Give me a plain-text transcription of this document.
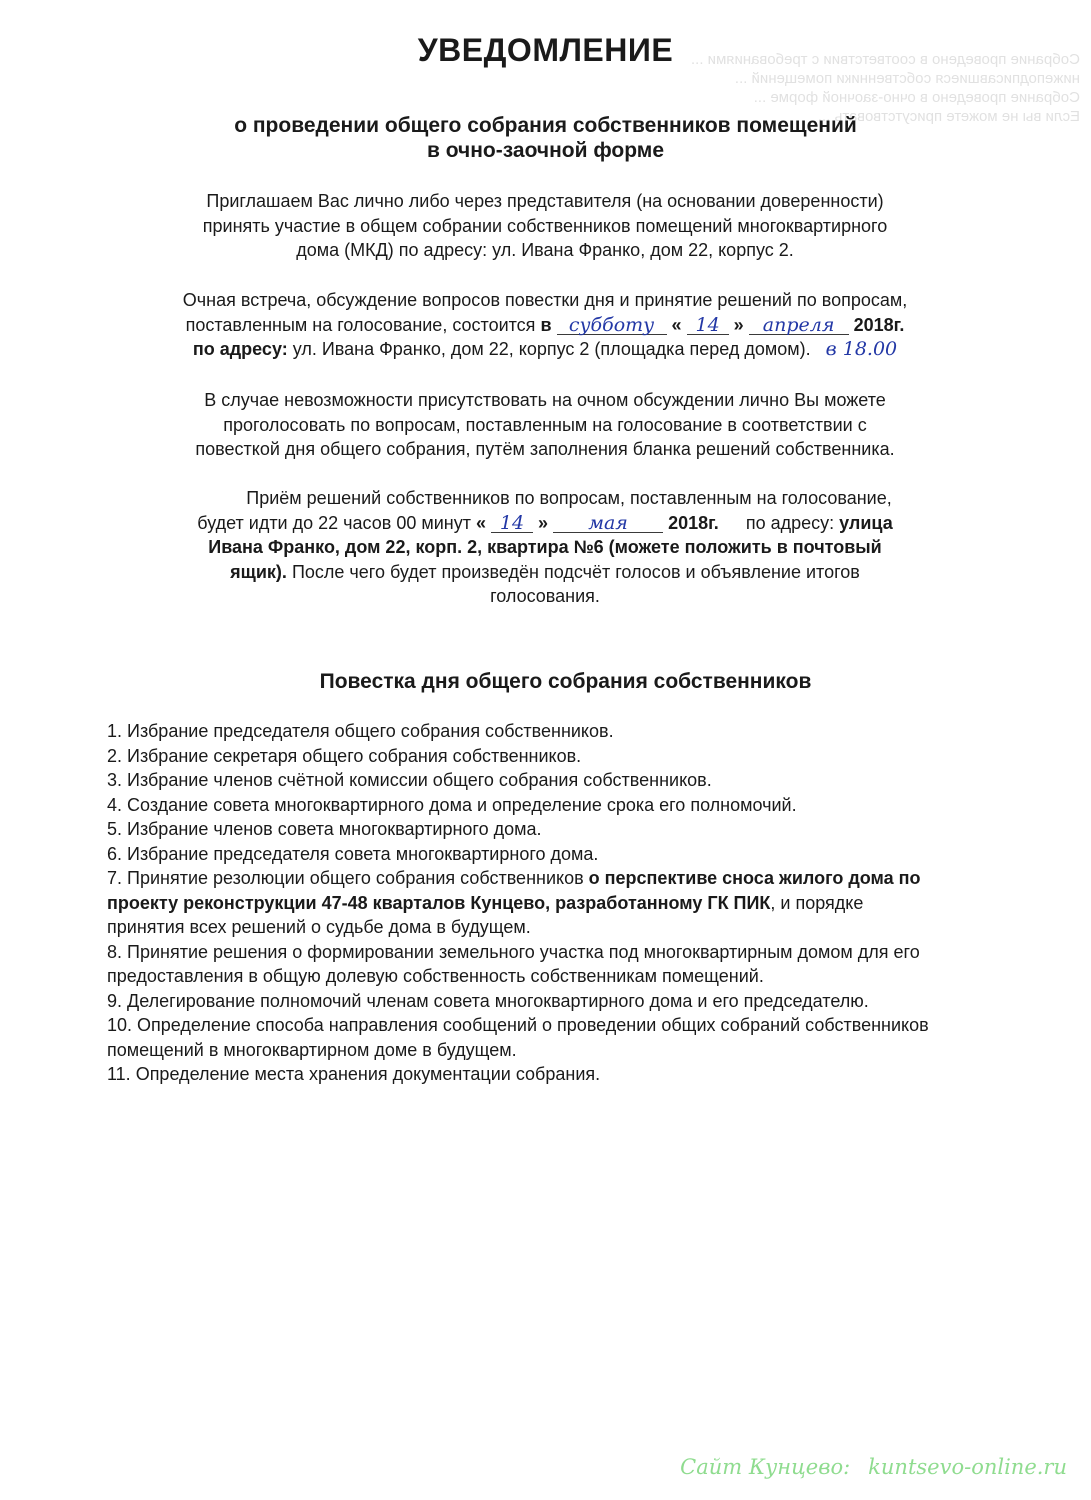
Собрание проведено в соответствии с требованиями ...
нижеподписавшиеся собственники помещений ...
Собрание проведено в очно-заочной форме ...
Если вы не можете присутствовать ...
УВЕДОМЛЕНИЕ
о проведении общего собрания собственников помещений
в очно-заочной форме
Приглашаем Вас лично либо через представителя (на основании доверенности)
принять участие в общем собрании собственников помещений многоквартирного
дома (МКД) по адресу: ул. Ивана Франко, дом 22, корпус 2.
Очная встреча, обсуждение вопросов повестки дня и принятие решений по вопросам,
поставленным на голосование, состоится в субботу « 14 » апреля 2018г.
по адресу: ул. Ивана Франко, дом 22, корпус 2 (площадка перед домом). в 18.00
В случае невозможности присутствовать на очном обсуждении лично Вы можете
проголосовать по вопросам, поставленным на голосование в соответствии с
повесткой дня общего собрания, путём заполнения бланка решений собственника.
Приём решений собственников по вопросам, поставленным на голосование,
будет идти до 22 часов 00 минут « 14 » мая 2018г. по адресу: улица
Ивана Франко, дом 22, корп. 2, квартира №6 (можете положить в почтовый
ящик). После чего будет произведён подсчёт голосов и объявление итогов
голосования.
Повестка дня общего собрания собственников
1. Избрание председателя общего собрания собственников.
2. Избрание секретаря общего собрания собственников.
3. Избрание членов счётной комиссии общего собрания собственников.
4. Создание совета многоквартирного дома и определение срока его полномочий.
5. Избрание членов совета многоквартирного дома.
6. Избрание председателя совета многоквартирного дома.
7. Принятие резолюции общего собрания собственников о перспективе сноса жилого дома по проекту реконструкции 47-48 кварталов Кунцево, разработанному ГК ПИК, и порядке принятия всех решений о судьбе дома в будущем.
8. Принятие решения о формировании земельного участка под многоквартирным домом для его предоставления в общую долевую собственность собственникам помещений.
9. Делегирование полномочий членам совета многоквартирного дома и его председателю.
10. Определение способа направления сообщений о проведении общих собраний собственников помещений в многоквартирном доме в будущем.
11. Определение места хранения документации собрания.
Сайт Кунцево: kuntsevo-online.ru
